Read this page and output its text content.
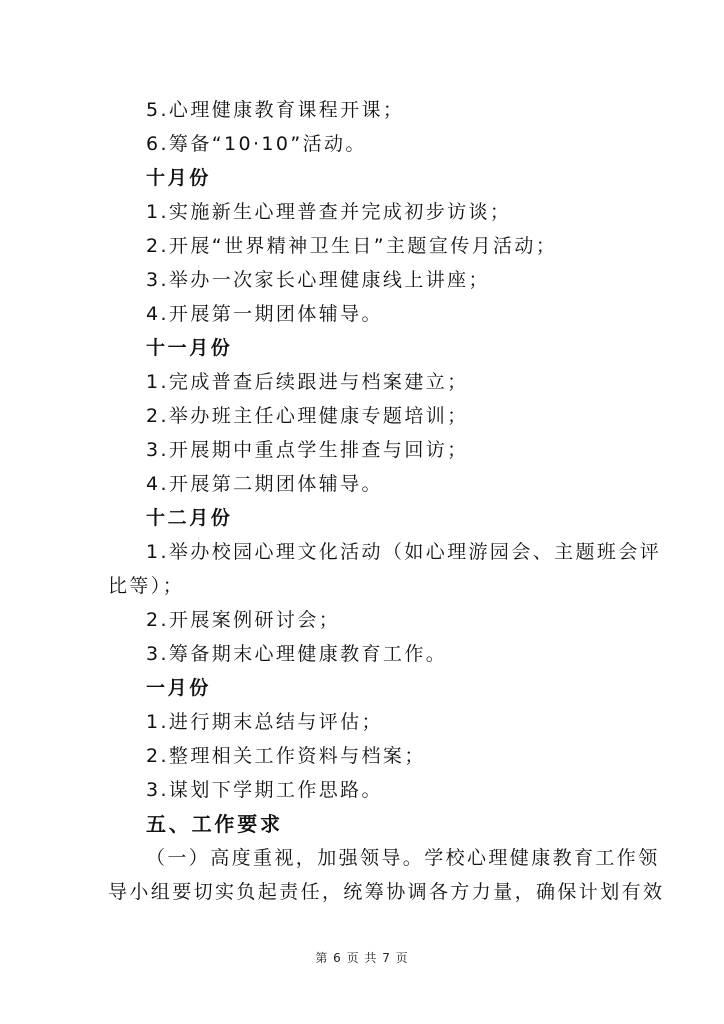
5.心理健康教育课程开课；
6.筹备“10·10”活动。
十月份
1.实施新生心理普查并完成初步访谈；
2.开展“世界精神卫生日”主题宣传月活动；
3.举办一次家长心理健康线上讲座；
4.开展第一期团体辅导。
十一月份
1.完成普查后续跟进与档案建立；
2.举办班主任心理健康专题培训；
3.开展期中重点学生排查与回访；
4.开展第二期团体辅导。
十二月份
1.举办校园心理文化活动（如心理游园会、主题班会评
比等）；
2.开展案例研讨会；
3.筹备期末心理健康教育工作。
一月份
1.进行期末总结与评估；
2.整理相关工作资料与档案；
3.谋划下学期工作思路。
五、工作要求
（一）高度重视，加强领导。学校心理健康教育工作领
导小组要切实负起责任，统筹协调各方力量，确保计划有效
第 6 页 共 7 页
